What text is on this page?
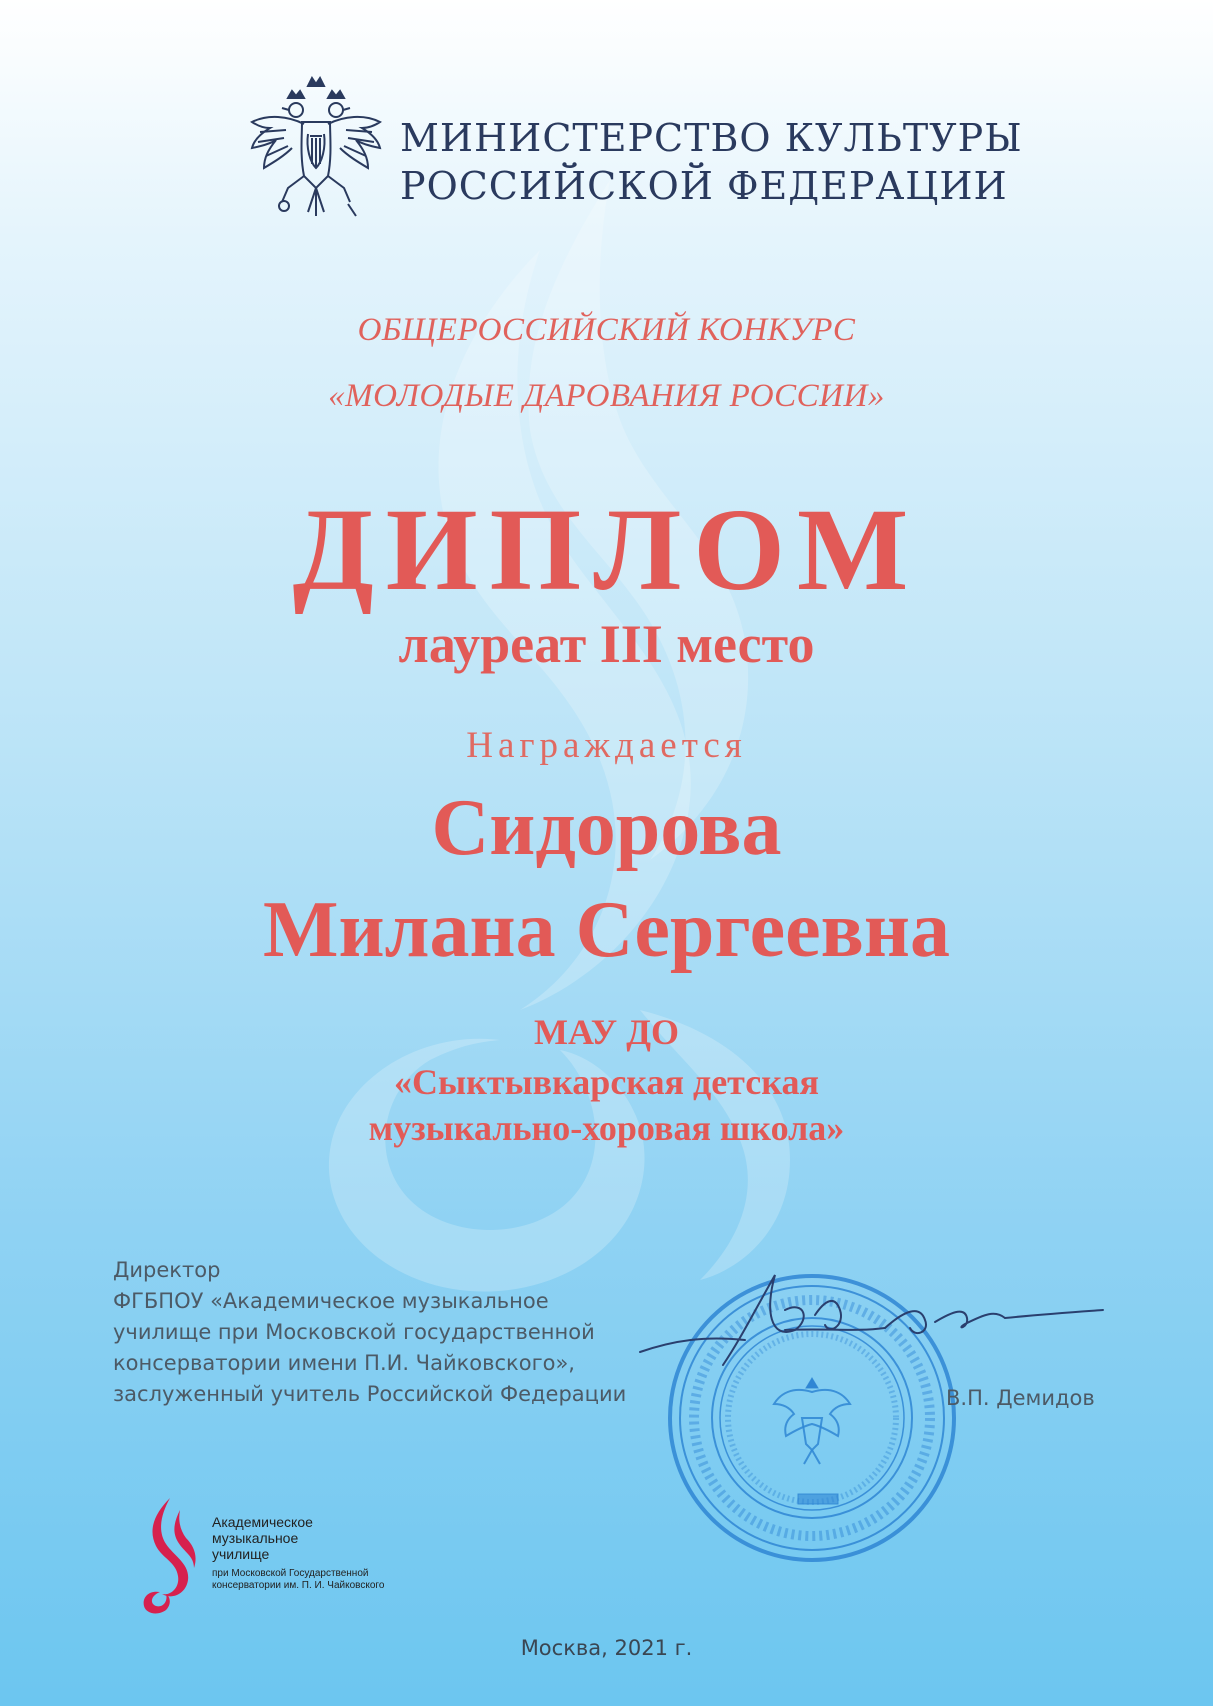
МИНИСТЕРСТВО КУЛЬТУРЫ
РОССИЙСКОЙ ФЕДЕРАЦИИ
ОБЩЕРОССИЙСКИЙ КОНКУРС
«МОЛОДЫЕ ДАРОВАНИЯ РОССИИ»
ДИПЛОМ
лауреат III место
Награждается
Сидорова
Милана Сергеевна
МАУ ДО
«Сыктывкарская детская
музыкально-хоровая школа»
Директор
ФГБПОУ «Академическое музыкальное
училище при Московской государственной
консерватории имени П.И. Чайковского»,
заслуженный учитель Российской Федерации	В.П. Демидов
Академическое
музыкальное
училище
при Московской Государственной
консерватории им. П. И. Чайковского
Москва, 2021 г.
